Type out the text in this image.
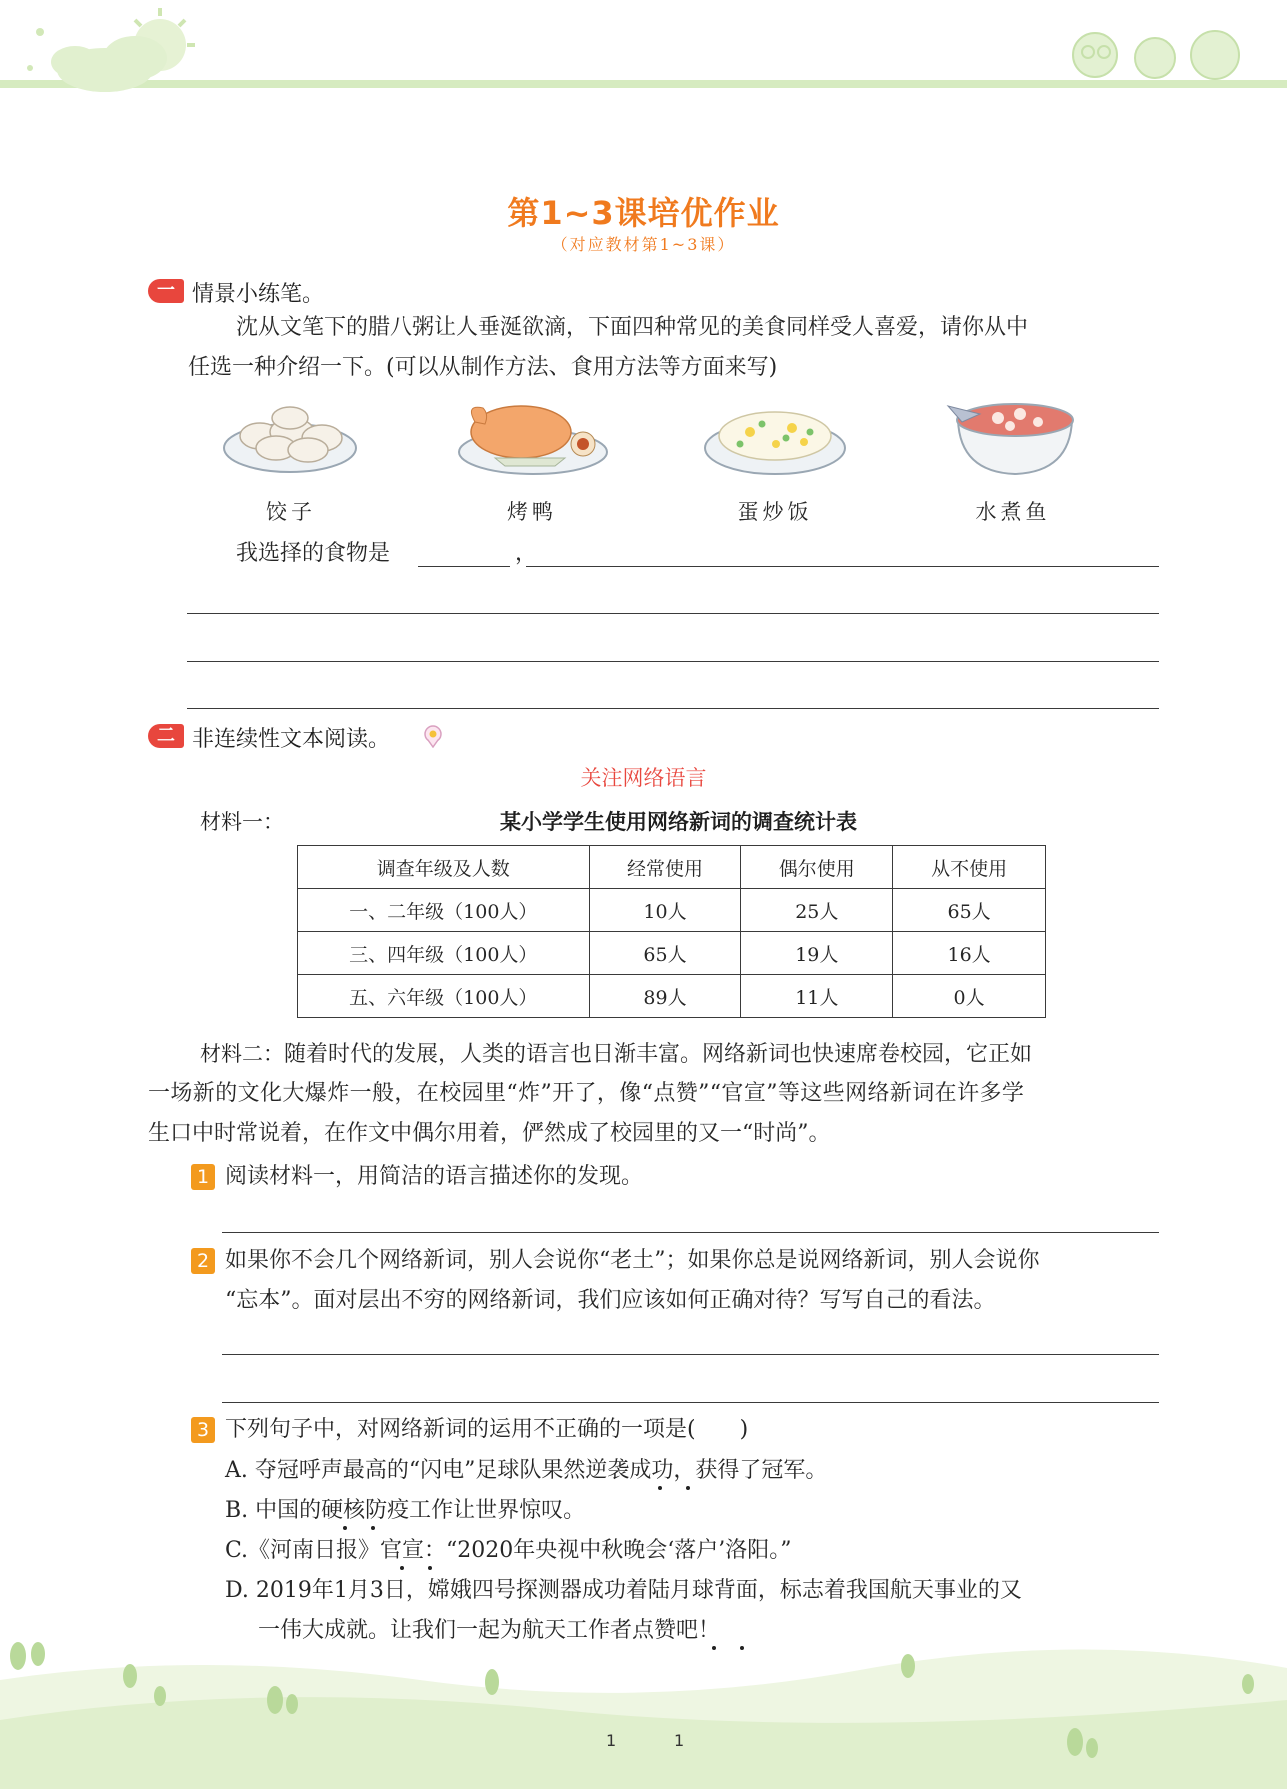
第1~3课培优作业
（对应教材第1~3课）
一 情景小练笔。
沈从文笔下的腊八粥让人垂涎欲滴，下面四种常见的美食同样受人喜爱，请你从中
任选一种介绍一下。(可以从制作方法、食用方法等方面来写)
饺子	烤鸭	蛋炒饭	水煮鱼
我选择的食物是	，
二 非连续性文本阅读。
关注网络语言
材料一：	某小学学生使用网络新词的调查统计表
调查年级及人数	经常使用	偶尔使用	从不使用
一、二年级（100人）	10人	25人	65人
三、四年级（100人）	65人	19人	16人
五、六年级（100人）	89人	11人	0人
材料二：随着时代的发展，人类的语言也日渐丰富。网络新词也快速席卷校园，它正如
一场新的文化大爆炸一般，在校园里“炸”开了，像“点赞”“官宣”等这些网络新词在许多学
生口中时常说着，在作文中偶尔用着，俨然成了校园里的又一“时尚”。
1 阅读材料一，用简洁的语言描述你的发现。
2 如果你不会几个网络新词，别人会说你“老土”；如果你总是说网络新词，别人会说你
“忘本”。面对层出不穷的网络新词，我们应该如何正确对待？写写自己的看法。
3 下列句子中，对网络新词的运用不正确的一项是(　　)
A. 夺冠呼声最高的“闪电”足球队果然逆袭成功，获得了冠军。
B. 中国的硬核防疫工作让世界惊叹。
C.《河南日报》官宣：“2020年央视中秋晚会‘落户’洛阳。”
D. 2019年1月3日，嫦娥四号探测器成功着陆月球背面，标志着我国航天事业的又
一伟大成就。让我们一起为航天工作者点赞吧！
1	1
